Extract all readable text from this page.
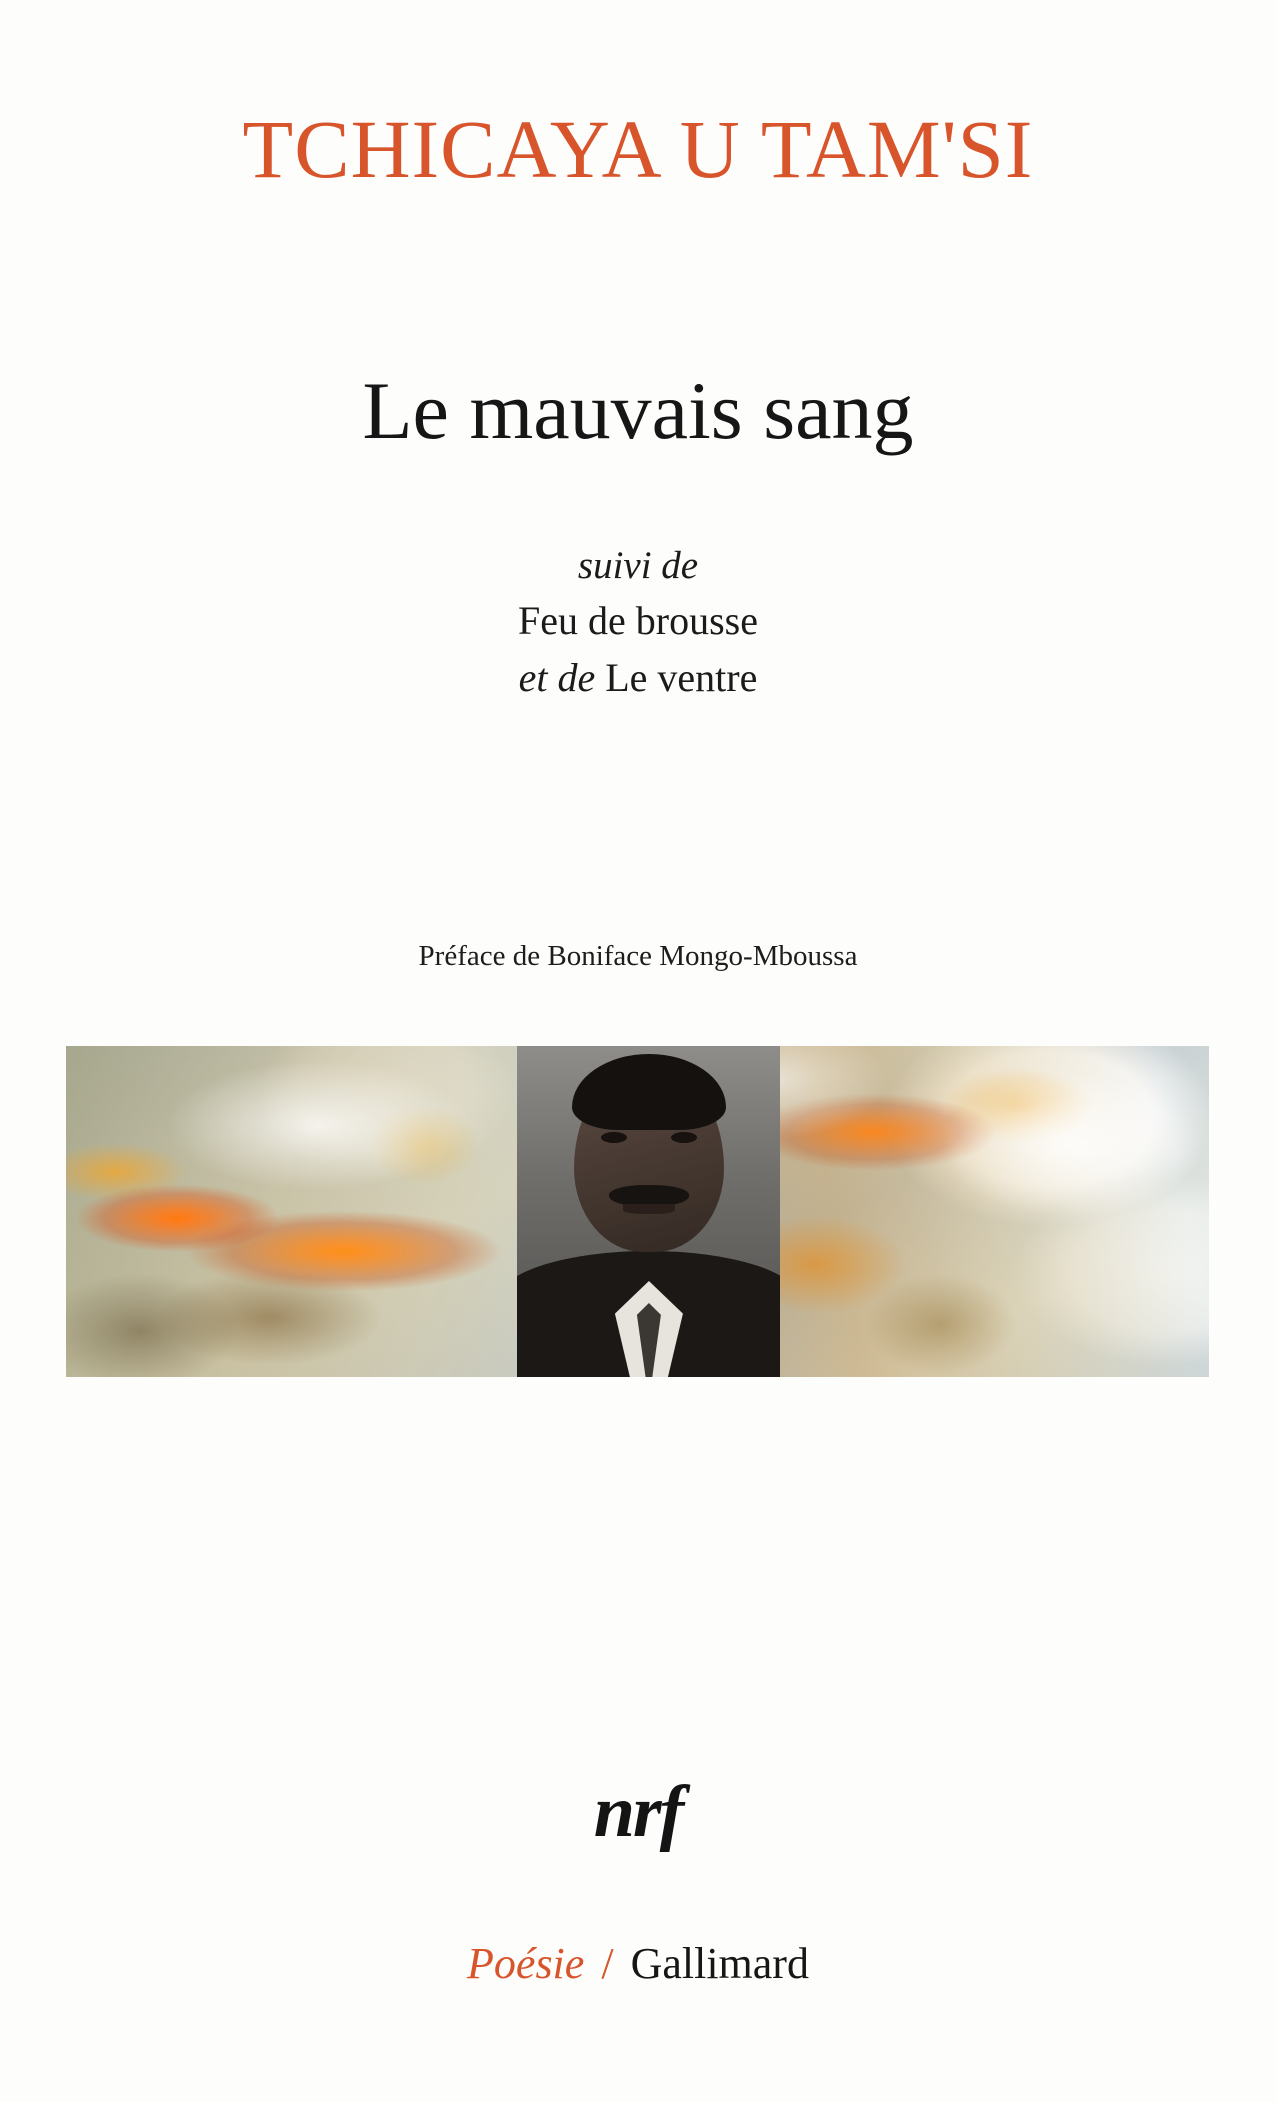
TCHICAYA U TAM'SI
Le mauvais sang
suivi de
Feu de brousse
et de Le ventre
Préface de Boniface Mongo-Mboussa
nrf
Poésie / Gallimard
